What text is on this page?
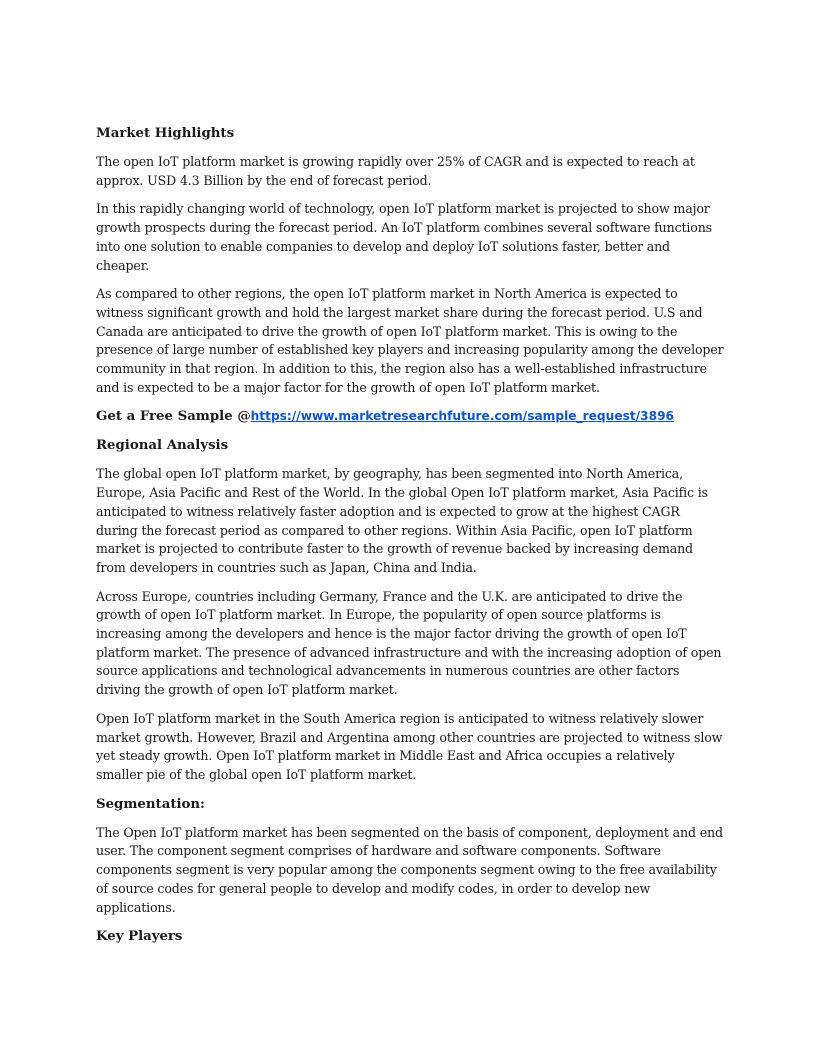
Market Highlights

The open IoT platform market is growing rapidly over 25% of CAGR and is expected to reach at approx. USD 4.3 Billion by the end of forecast period.

In this rapidly changing world of technology, open IoT platform market is projected to show major growth prospects during the forecast period. An IoT platform combines several software functions into one solution to enable companies to develop and deploy IoT solutions faster, better and cheaper.

As compared to other regions, the open IoT platform market in North America is expected to witness significant growth and hold the largest market share during the forecast period. U.S and Canada are anticipated to drive the growth of open IoT platform market. This is owing to the presence of large number of established key players and increasing popularity among the developer community in that region. In addition to this, the region also has a well-established infrastructure and is expected to be a major factor for the growth of open IoT platform market.

Get a Free Sample @https://www.marketresearchfuture.com/sample_request/3896
Regional Analysis

The global open IoT platform market, by geography, has been segmented into North America, Europe, Asia Pacific and Rest of the World. In the global Open IoT platform market, Asia Pacific is anticipated to witness relatively faster adoption and is expected to grow at the highest CAGR during the forecast period as compared to other regions. Within Asia Pacific, open IoT platform market is projected to contribute faster to the growth of revenue backed by increasing demand from developers in countries such as Japan, China and India.

Across Europe, countries including Germany, France and the U.K. are anticipated to drive the growth of open IoT platform market. In Europe, the popularity of open source platforms is increasing among the developers and hence is the major factor driving the growth of open IoT platform market. The presence of advanced infrastructure and with the increasing adoption of open source applications and technological advancements in numerous countries are other factors driving the growth of open IoT platform market.

Open IoT platform market in the South America region is anticipated to witness relatively slower market growth. However, Brazil and Argentina among other countries are projected to witness slow yet steady growth. Open IoT platform market in Middle East and Africa occupies a relatively smaller pie of the global open IoT platform market.

Segmentation:

The Open IoT platform market has been segmented on the basis of component, deployment and end user. The component segment comprises of hardware and software components. Software components segment is very popular among the components segment owing to the free availability of source codes for general people to develop and modify codes, in order to develop new applications.

Key Players
